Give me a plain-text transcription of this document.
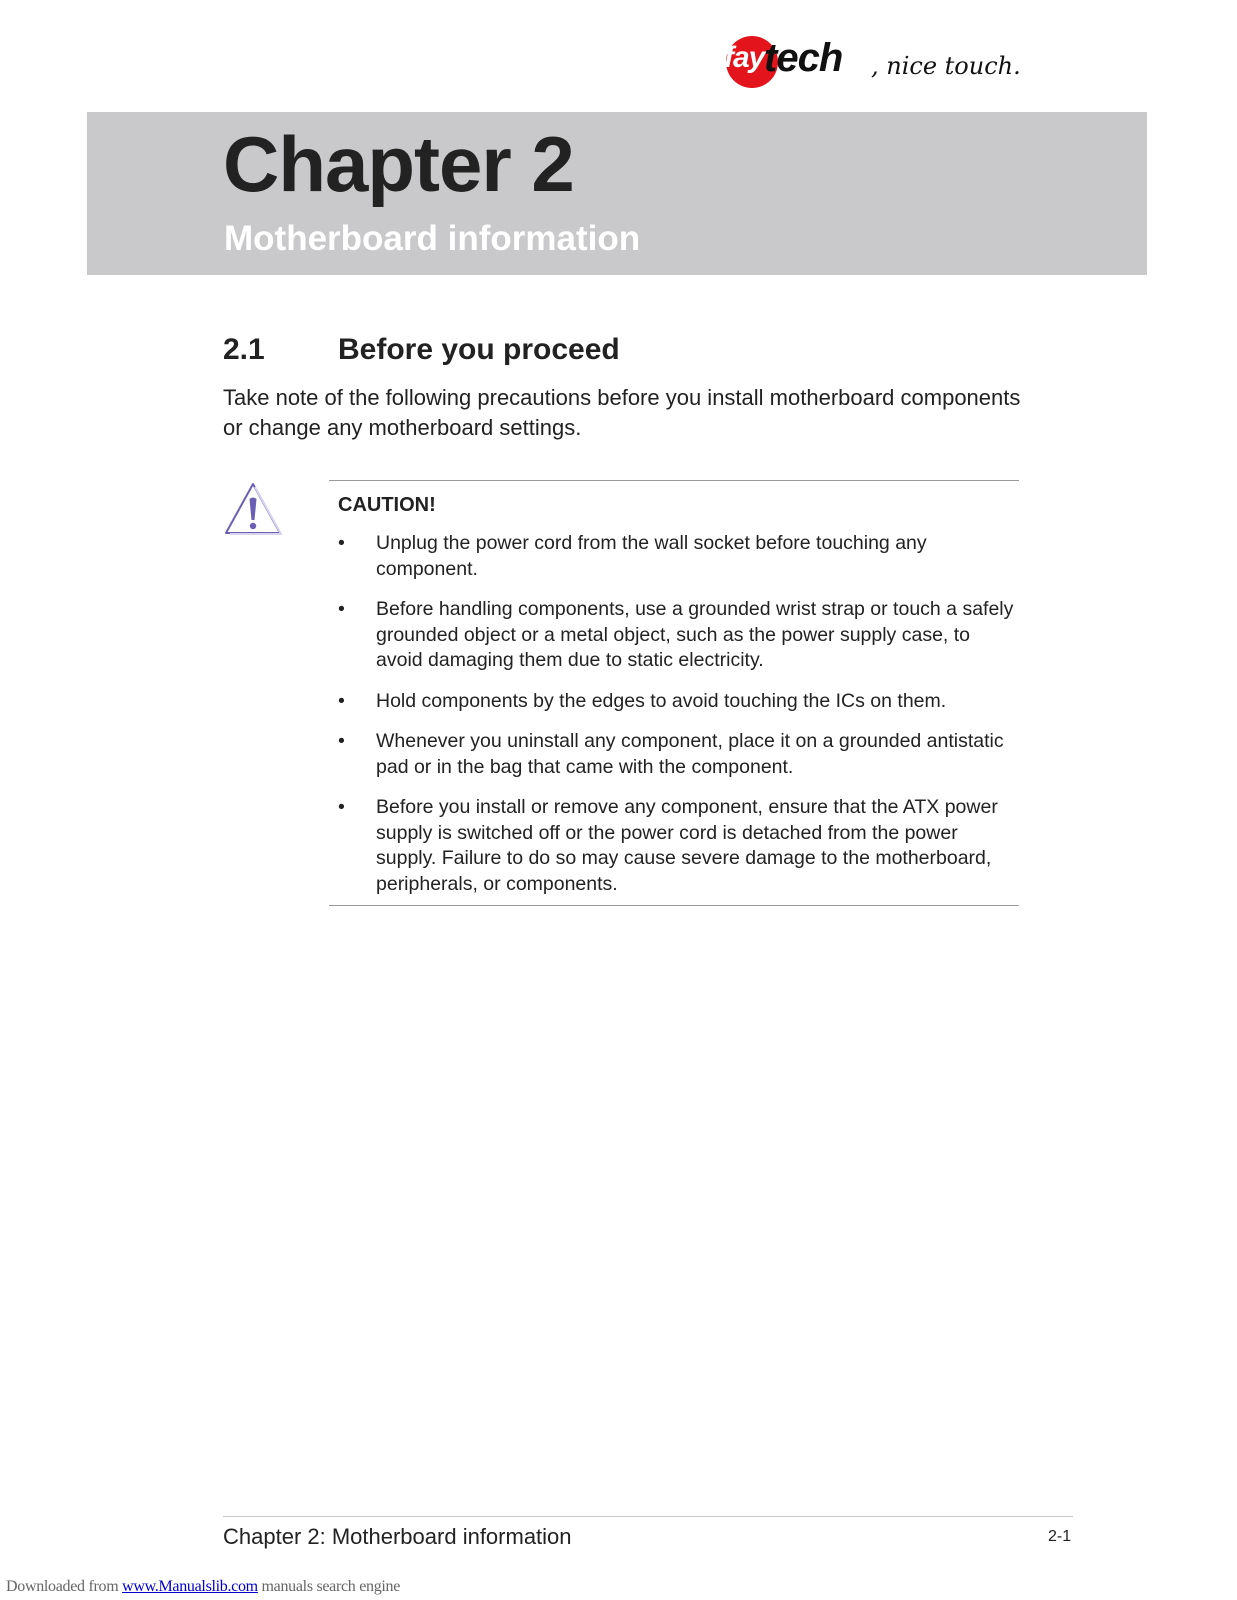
fay tech , nice touch.
Chapter 2
Motherboard information
2.1 Before you proceed

Take note of the following precautions before you install motherboard components or change any motherboard settings.

CAUTION!

• Unplug the power cord from the wall socket before touching any component.
• Before handling components, use a grounded wrist strap or touch a safely grounded object or a metal object, such as the power supply case, to avoid damaging them due to static electricity.
• Hold components by the edges to avoid touching the ICs on them.
• Whenever you uninstall any component, place it on a grounded antistatic pad or in the bag that came with the component.
• Before you install or remove any component, ensure that the ATX power supply is switched off or the power cord is detached from the power supply. Failure to do so may cause severe damage to the motherboard, peripherals, or components.
Chapter 2: Motherboard information	2-1
Downloaded from www.Manualslib.com manuals search engine
